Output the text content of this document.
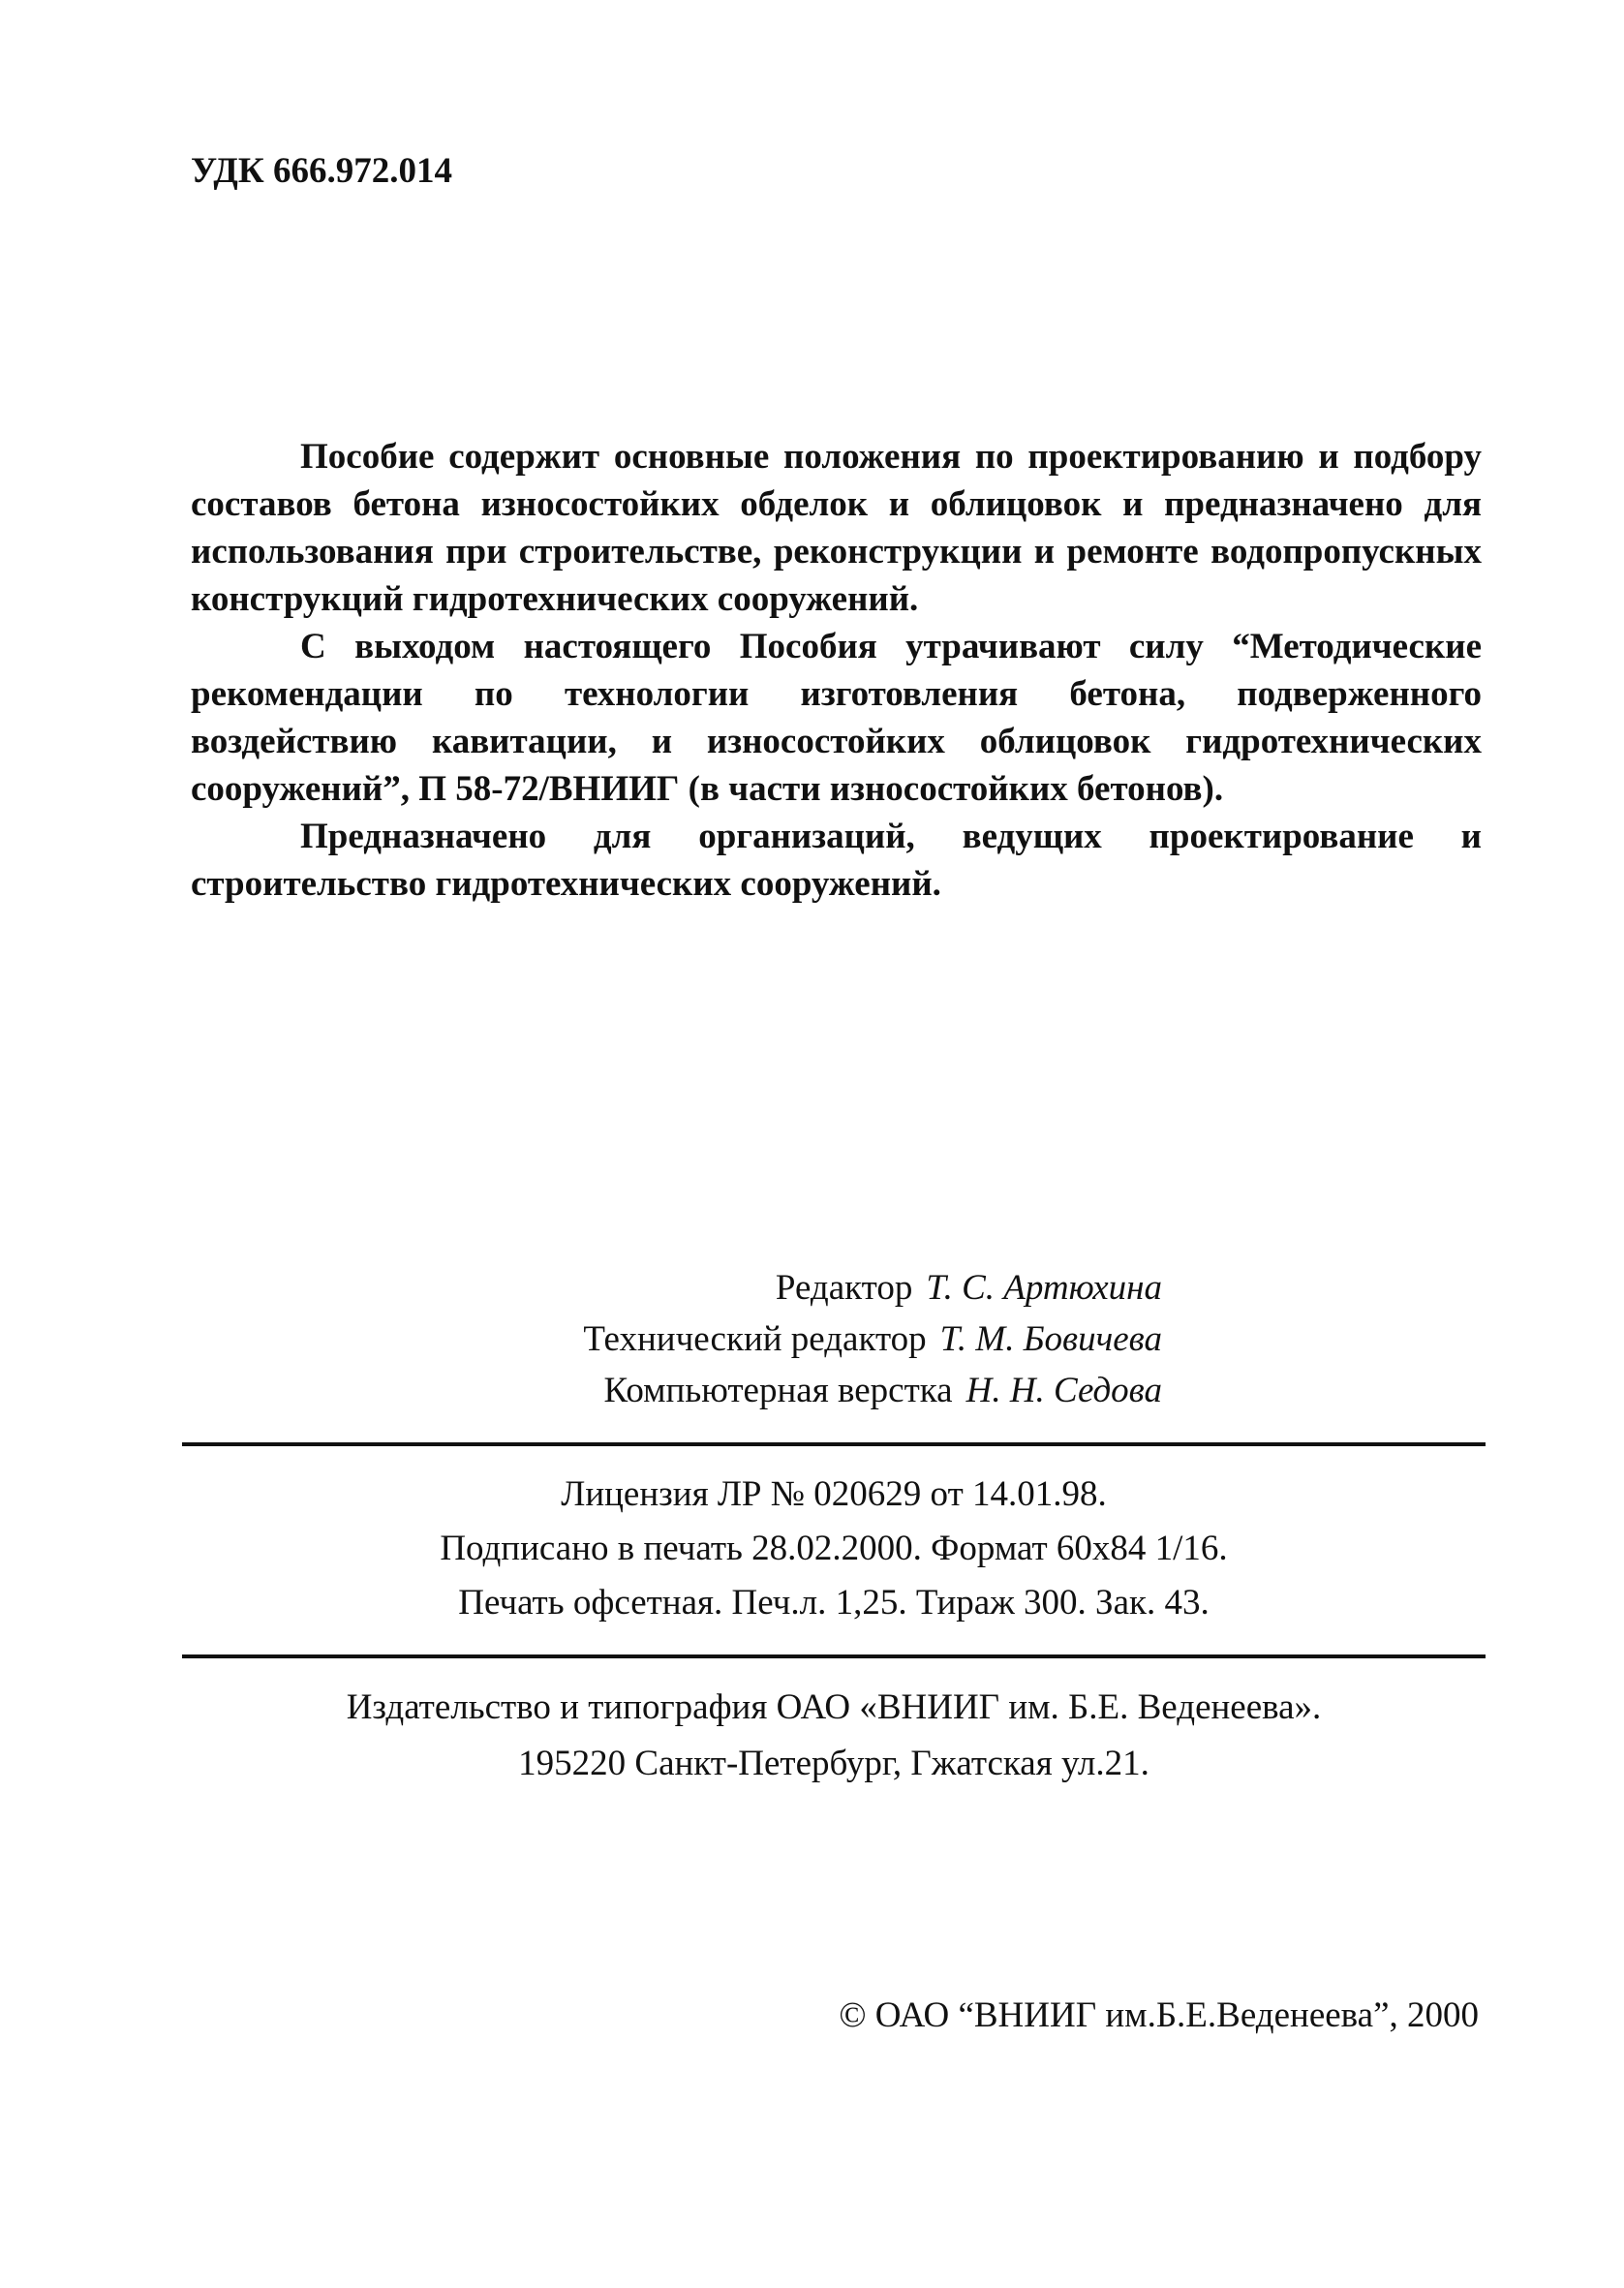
УДК 666.972.014

Пособие содержит основные положения по проектированию и подбору составов бетона износостойких обделок и облицовок и предназначено для использования при строительстве, реконструкции и ремонте водопропускных конструкций гидротехнических сооружений.

С выходом настоящего Пособия утрачивают силу “Методические рекомендации по технологии изготовления бетона, подверженного воздействию кавитации, и износостойких облицовок гидротехнических сооружений”, П 58-72/ВНИИГ (в части износостойких бетонов).

Предназначено для организаций, ведущих проектирование и строительство гидротехнических сооружений.

Редактор Т. С. Артюхина
Технический редактор Т. М. Бовичева
Компьютерная верстка Н. Н. Седова
Лицензия ЛР № 020629 от 14.01.98.
Подписано в печать 28.02.2000. Формат 60x84 1/16.
Печать офсетная. Печ.л. 1,25. Тираж 300. Зак. 43.
Издательство и типография ОАО «ВНИИГ им. Б.Е. Веденеева».
195220 Санкт-Петербург, Гжатская ул.21.
© ОАО “ВНИИГ им.Б.Е.Веденеева”, 2000
